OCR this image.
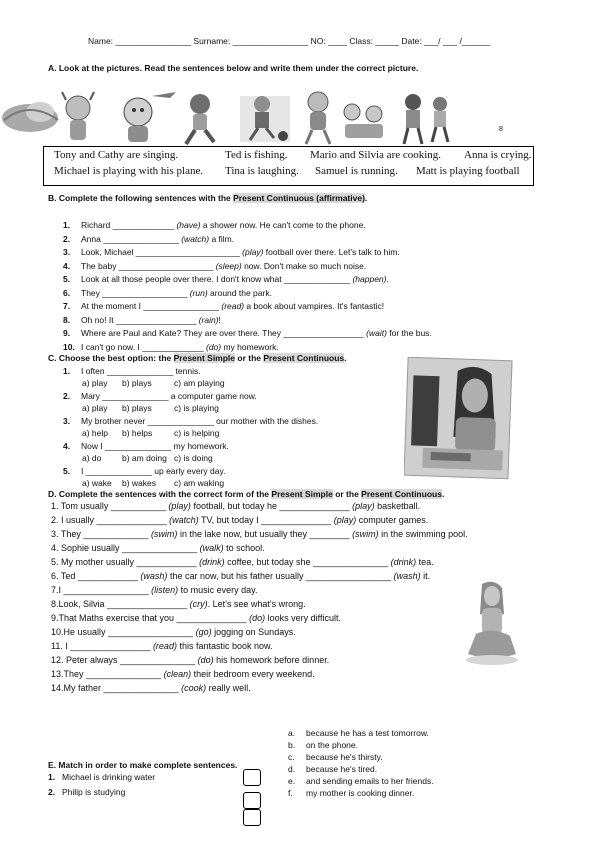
Name: ________________ Surname: ________________ NO: ____ Class: _____ Date: ___/ ___ /______
A. Look at the pictures. Read the sentences below and write them under the correct picture.
8
Tony and Cathy are singing.	Ted is fishing. Mario and Silvia are cooking. Anna is crying.
Michael is playing with his plane. Tina is laughing. Samuel is running. Matt is playing football
B. Complete the following sentences with the Present Continuous (affirmative).
1. Richard _____________ (have) a shower now. He can't come to the phone.
2. Anna ________________ (watch) a film.
3. Look, Michael ______________________ (play) football over there. Let's talk to him.
4. The baby ____________________ (sleep) now. Don't make so much noise.
5. Look at all those people over there. I don't know what ______________ (happen).
6. They __________________ (run) around the park.
7. At the moment I ________________ (read) a book about vampires. It's fantastic!
8. Oh no! It _________________ (rain)!
9. Where are Paul and Kate? They are over there. They _________________ (wait) for the bus.
10. I can't go now. I _____________ (do) my homework.
C. Choose the best option: the Present Simple or the Present Continuous.
1. I often ______________ tennis.
a) play b) plays	c) am playing
2. Mary ______________ a computer game now.
a) play b) plays	c) is playing
3. My brother never ______________ our mother with the dishes.
a) help b) helps	c) is helping
4. Now I ______________ my homework.
a) do b) am doing c) is doing
5. I ______________ up early every day.
a) wake b) wakes c) am waking
D. Complete the sentences with the correct form of the Present Simple or the Present Continuous.
1. Tom usually ___________ (play) football, but today he ______________ (play) basketball.
2. I usually ______________ (watch) TV, but today I ______________ (play) computer games.
3. They _____________ (swim) in the lake now, but usually they ________ (swim) in the swimming pool.
4. Sophie usually _______________ (walk) to school.
5. My mother usually ____________ (drink) coffee, but today she _______________ (drink) tea.
6. Ted ____________ (wash) the car now, but his father usually _________________ (wash) it.
7.I _________________ (listen) to music every day.
8.Look, Silvia ________________ (cry). Let's see what's wrong.
9.That Maths exercise that you ______________ (do) looks very difficult.
10.He usually _________________ (go) jogging on Sundays.
11. I ________________ (read) this fantastic book now.
12. Peter always _______________ (do) his homework before dinner.
13.They _______________ (clean) their bedroom every weekend.
14.My father _______________ (cook) really well.
a. because he has a test tomorrow.
b. on the phone.
c. because he's thirsty.
d. because he's tired.
e. and sending emails to her friends.
f. my mother is cooking dinner.
E. Match in order to make complete sentences.
1. Michael is drinking water
2. Philip is studying
